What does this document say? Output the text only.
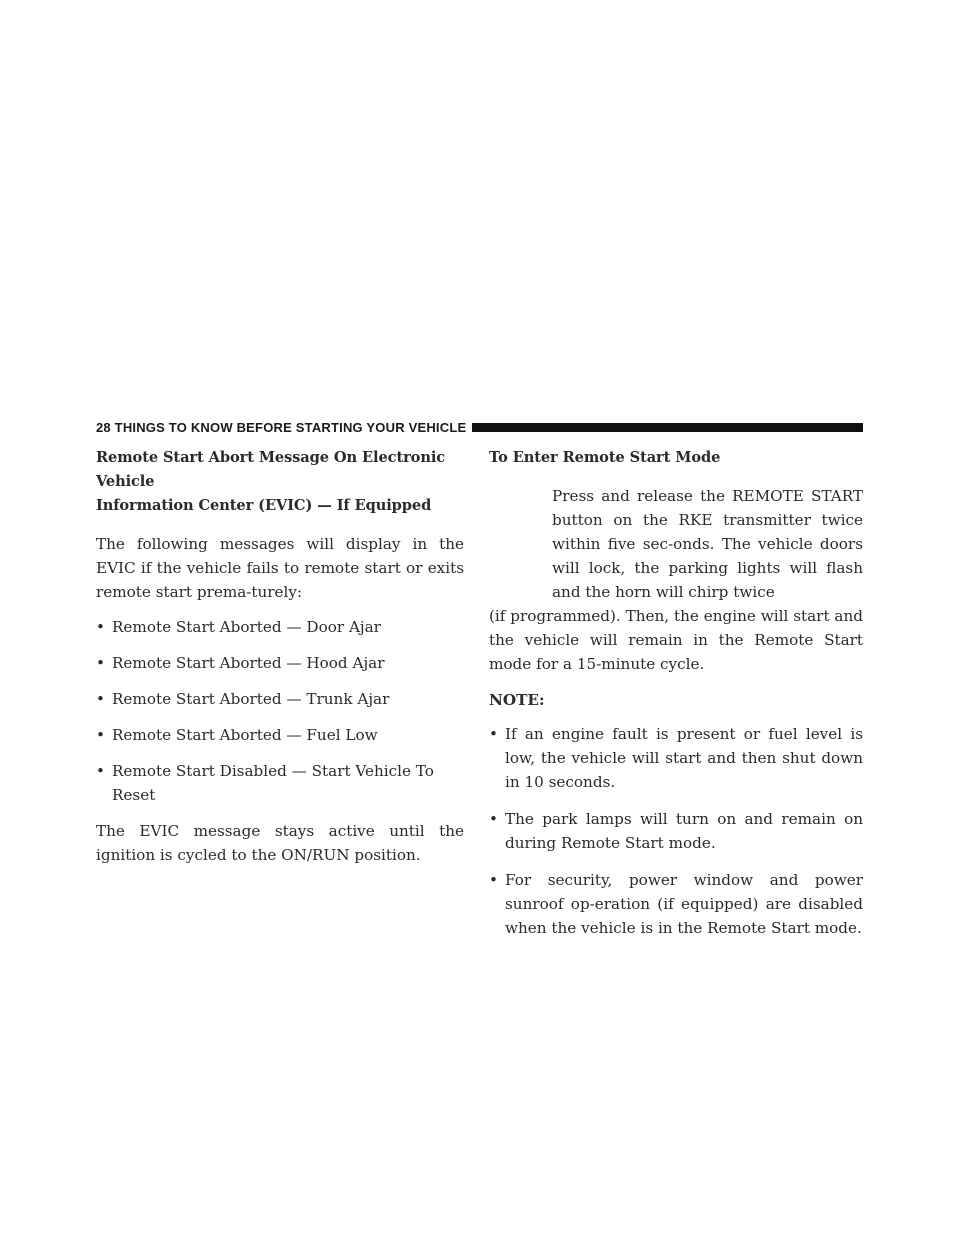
28 THINGS TO KNOW BEFORE STARTING YOUR VEHICLE
Remote Start Abort Message On Electronic Vehicle
Information Center (EVIC) — If Equipped

The following messages will display in the EVIC if the vehicle fails to remote start or exits remote start prema-turely:

• Remote Start Aborted — Door Ajar
• Remote Start Aborted — Hood Ajar
• Remote Start Aborted — Trunk Ajar
• Remote Start Aborted — Fuel Low
• Remote Start Disabled — Start Vehicle To Reset

The EVIC message stays active until the ignition is cycled to the ON/RUN position.

To Enter Remote Start Mode
Press and release the REMOTE START button on the RKE transmitter twice within five sec-onds. The vehicle doors will lock, the parking lights will flash and the horn will chirp twice

(if programmed). Then, the engine will start and the vehicle will remain in the Remote Start mode for a 15-minute cycle.

NOTE:
• If an engine fault is present or fuel level is low, the vehicle will start and then shut down in 10 seconds.
• The park lamps will turn on and remain on during Remote Start mode.
• For security, power window and power sunroof op-eration (if equipped) are disabled when the vehicle is in the Remote Start mode.
